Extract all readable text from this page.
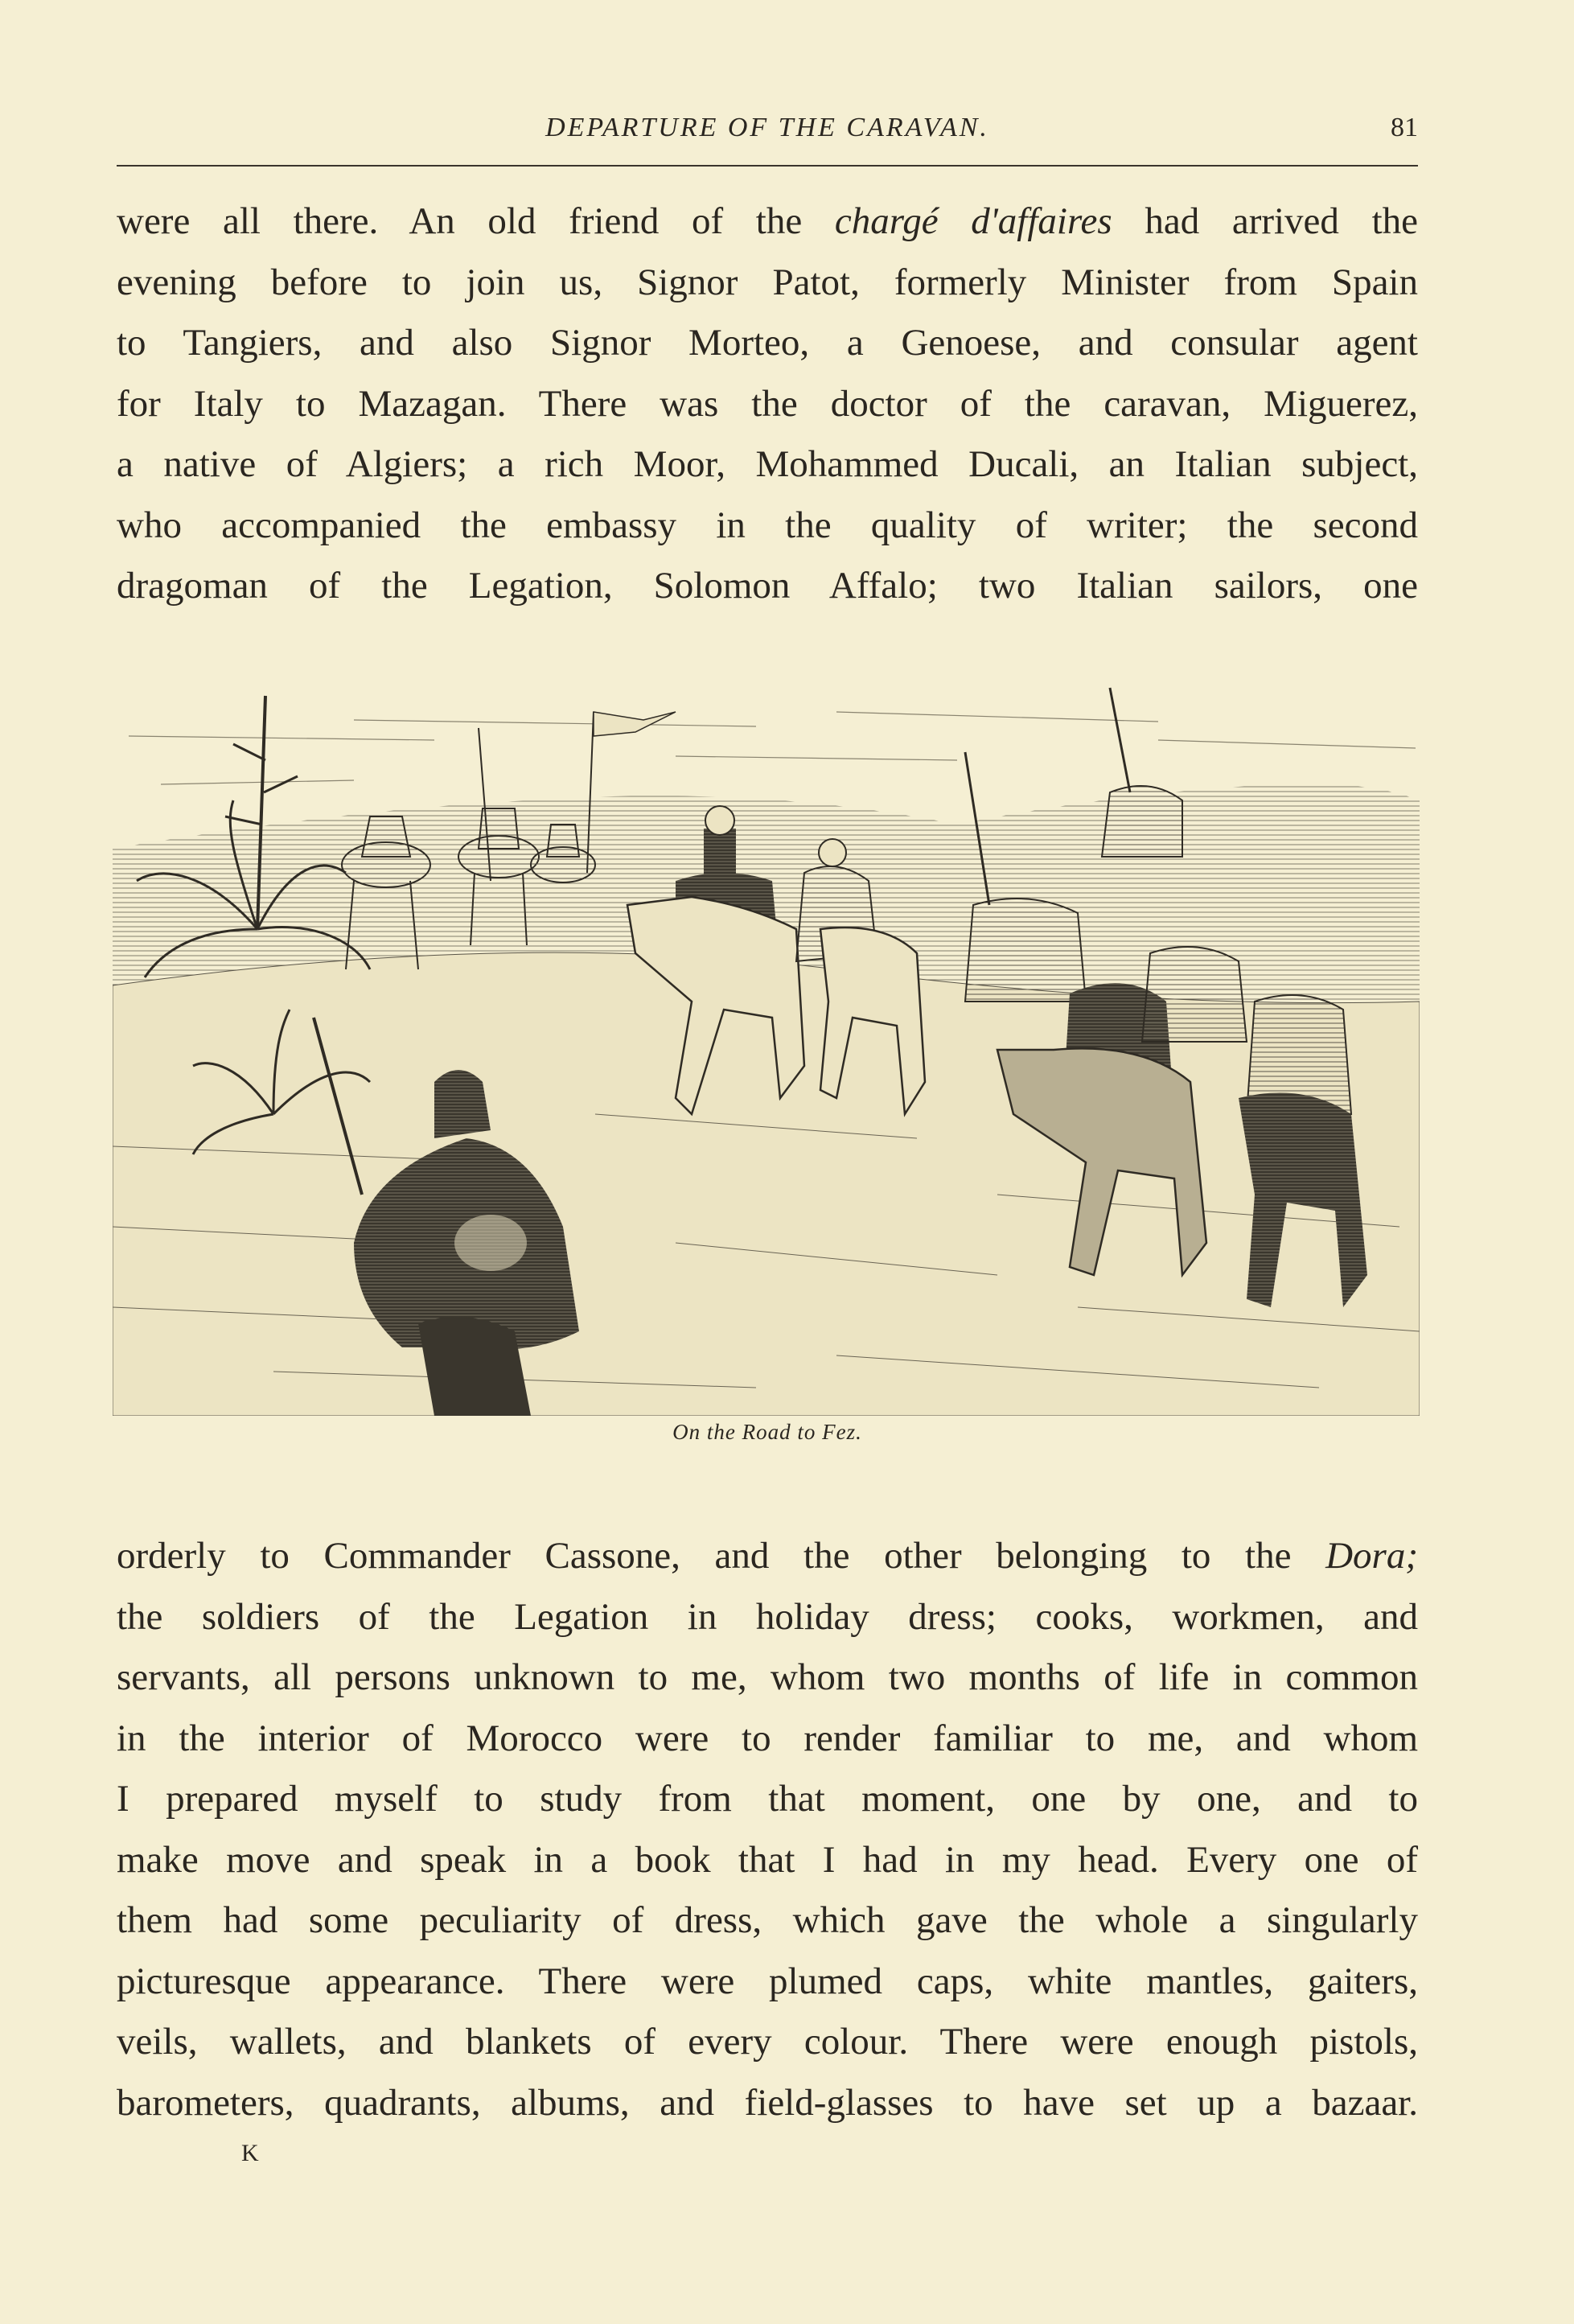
DEPARTURE OF THE CARAVAN.	81
were all there. An old friend of the chargé d'affaires had arrived the
evening before to join us, Signor Patot, formerly Minister from Spain
to Tangiers, and also Signor Morteo, a Genoese, and consular agent
for Italy to Mazagan. There was the doctor of the caravan, Miguerez,
a native of Algiers; a rich Moor, Mohammed Ducali, an Italian subject,
who accompanied the embassy in the quality of writer; the second
dragoman of the Legation, Solomon Affalo; two Italian sailors, one
On the Road to Fez.
orderly to Commander Cassone, and the other belonging to the Dora;
the soldiers of the Legation in holiday dress; cooks, workmen, and
servants, all persons unknown to me, whom two months of life in common
in the interior of Morocco were to render familiar to me, and whom
I prepared myself to study from that moment, one by one, and to
make move and speak in a book that I had in my head. Every one of
them had some peculiarity of dress, which gave the whole a singularly
picturesque appearance. There were plumed caps, white mantles, gaiters,
veils, wallets, and blankets of every colour. There were enough pistols,
barometers, quadrants, albums, and field-glasses to have set up a bazaar.
K
